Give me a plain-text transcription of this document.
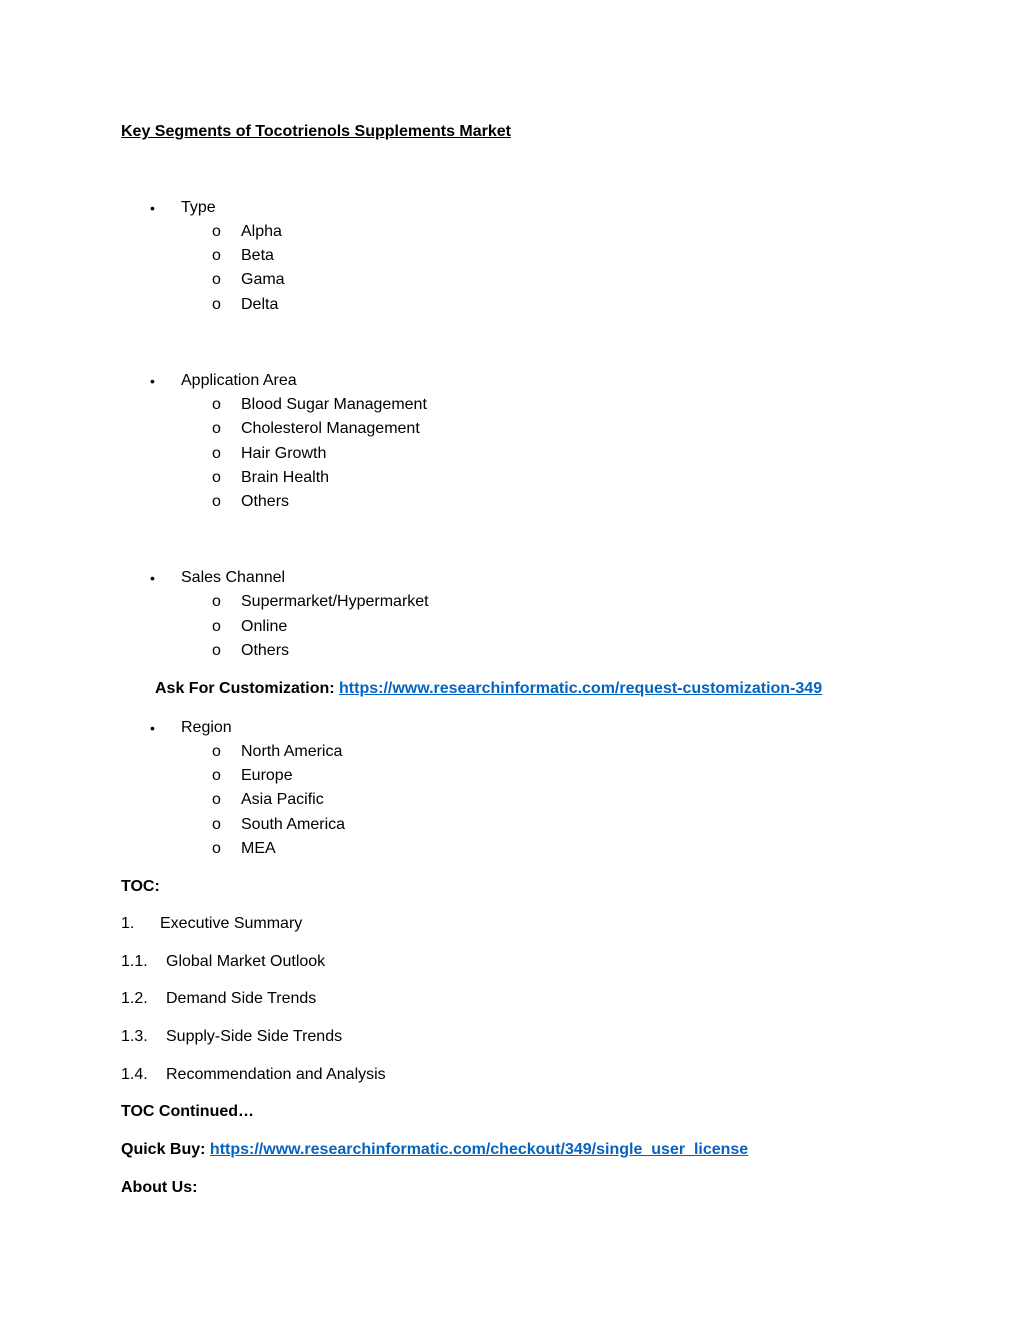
Key Segments of Tocotrienols Supplements Market
• Type
o Alpha
o Beta
o Gama
o Delta
• Application Area
o Blood Sugar Management
o Cholesterol Management
o Hair Growth
o Brain Health
o Others
• Sales Channel
o Supermarket/Hypermarket
o Online
o Others
Ask For Customization: https://www.researchinformatic.com/request-customization-349
• Region
o North America
o Europe
o Asia Pacific
o South America
o MEA
TOC:
1. Executive Summary
1.1. Global Market Outlook
1.2. Demand Side Trends
1.3. Supply-Side Side Trends
1.4. Recommendation and Analysis
TOC Continued…
Quick Buy: https://www.researchinformatic.com/checkout/349/single_user_license
About Us:
